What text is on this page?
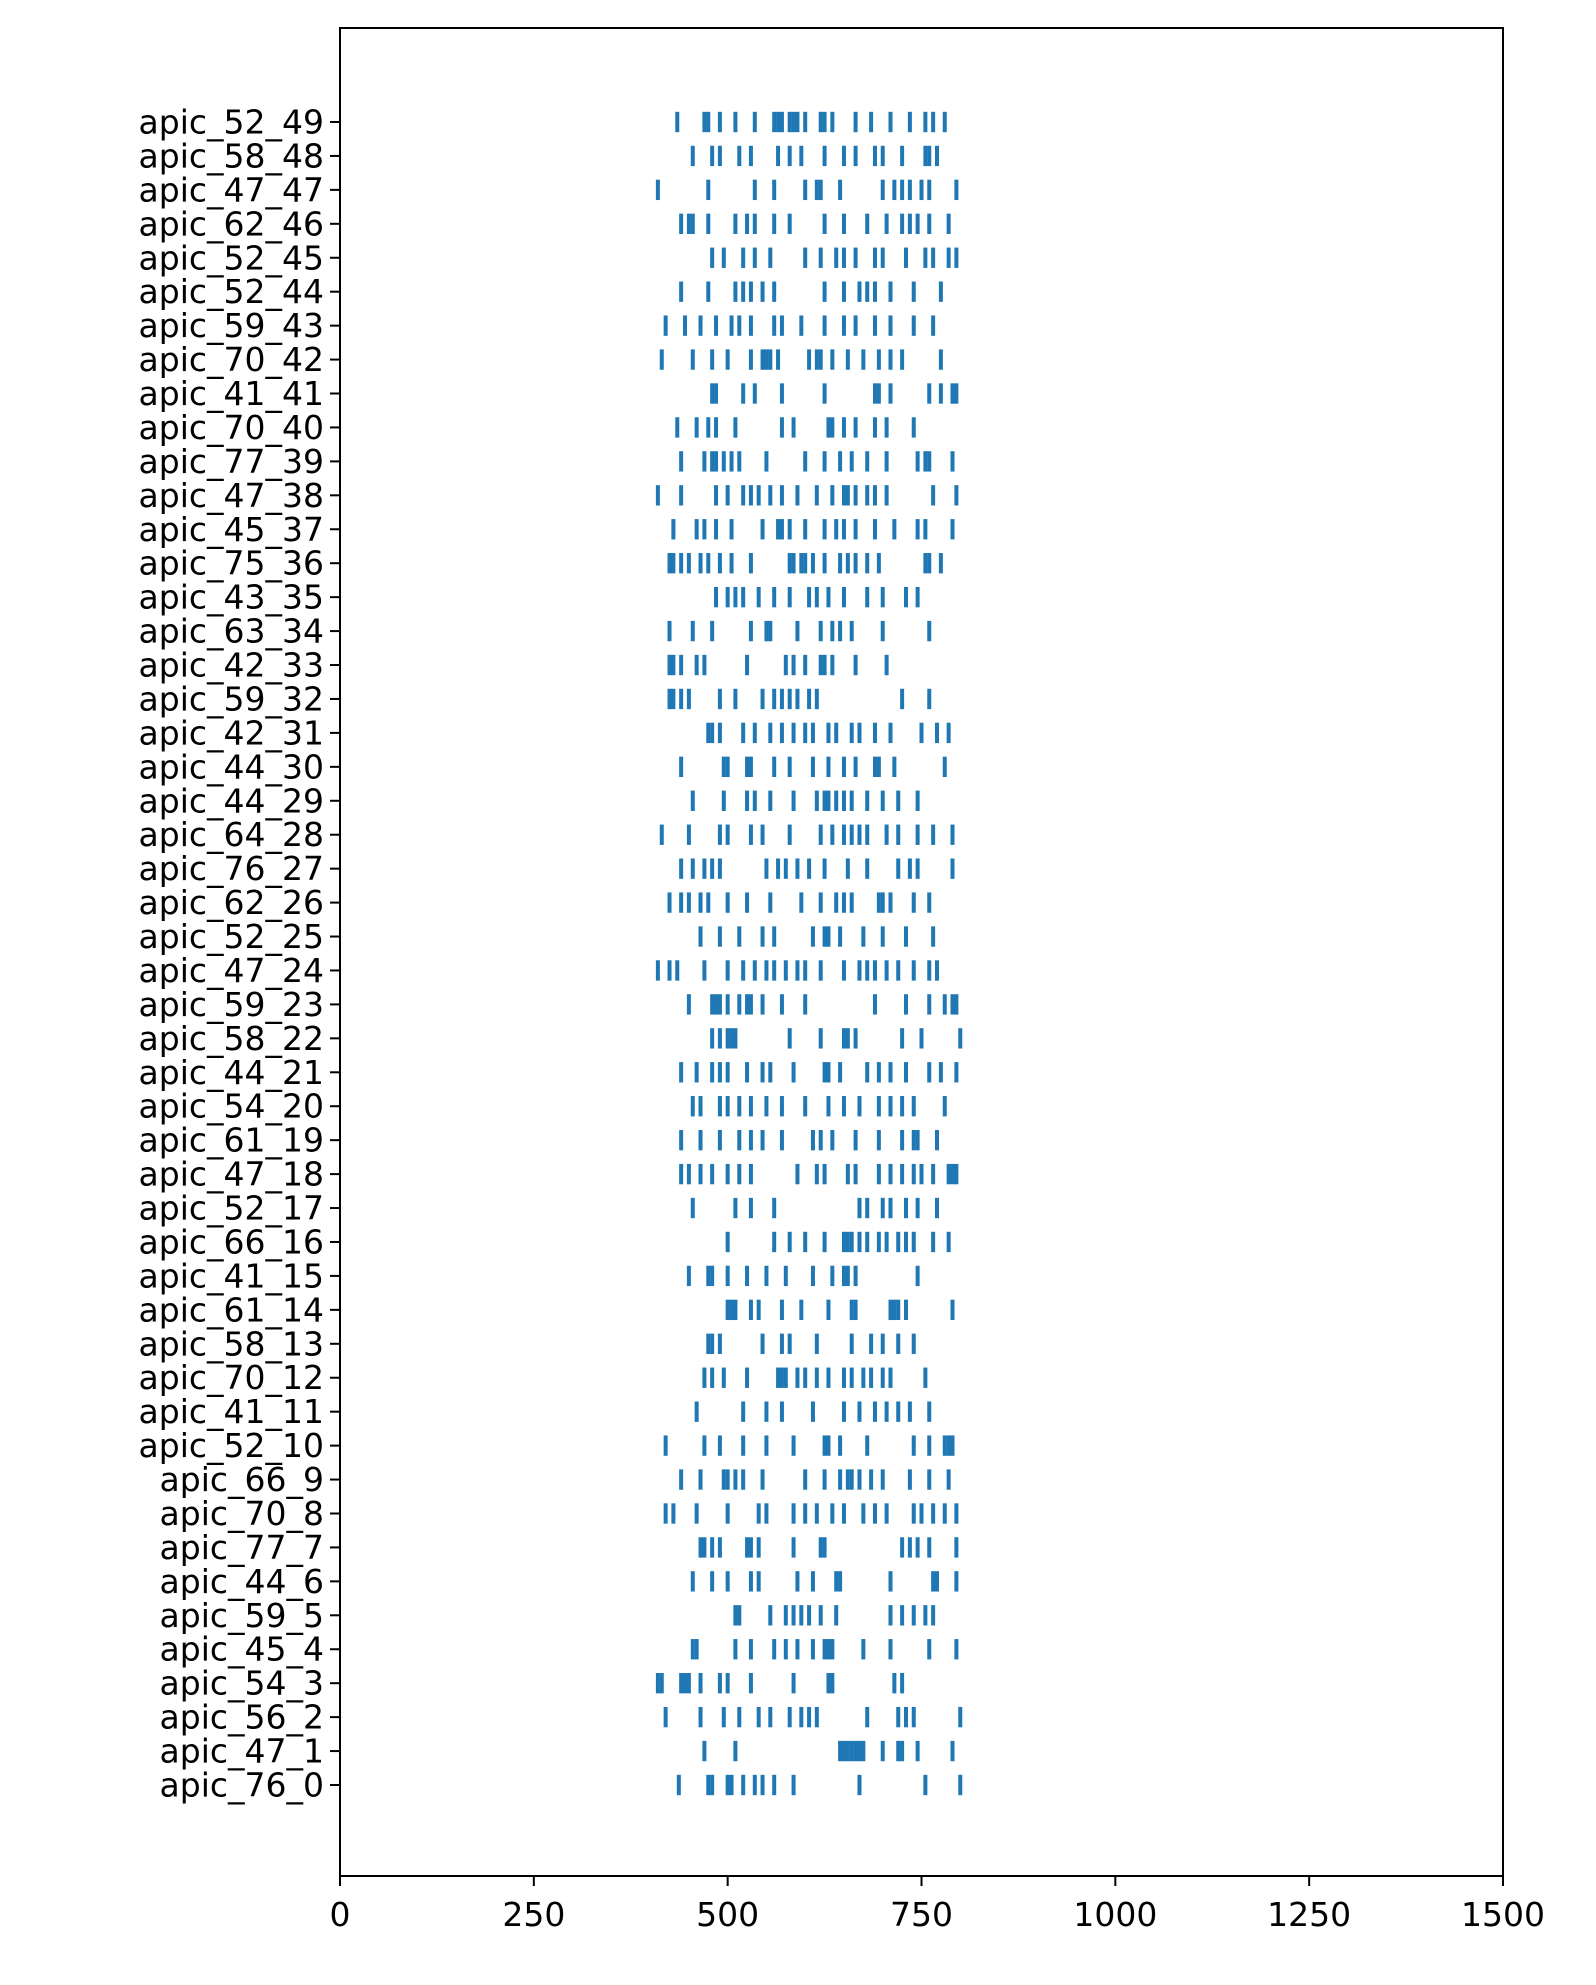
apic_76_0
apic_47_1
apic_56_2
apic_54_3
apic_45_4
apic_59_5
apic_44_6
apic_77_7
apic_70_8
apic_66_9
apic_52_10
apic_41_11
apic_70_12
apic_58_13
apic_61_14
apic_41_15
apic_66_16
apic_52_17
apic_47_18
apic_61_19
apic_54_20
apic_44_21
apic_58_22
apic_59_23
apic_47_24
apic_52_25
apic_62_26
apic_76_27
apic_64_28
apic_44_29
apic_44_30
apic_42_31
apic_59_32
apic_42_33
apic_63_34
apic_43_35
apic_75_36
apic_45_37
apic_47_38
apic_77_39
apic_70_40
apic_41_41
apic_70_42
apic_59_43
apic_52_44
apic_52_45
apic_62_46
apic_47_47
apic_58_48
apic_52_49
0	250	500	750	1000	1250	1500
